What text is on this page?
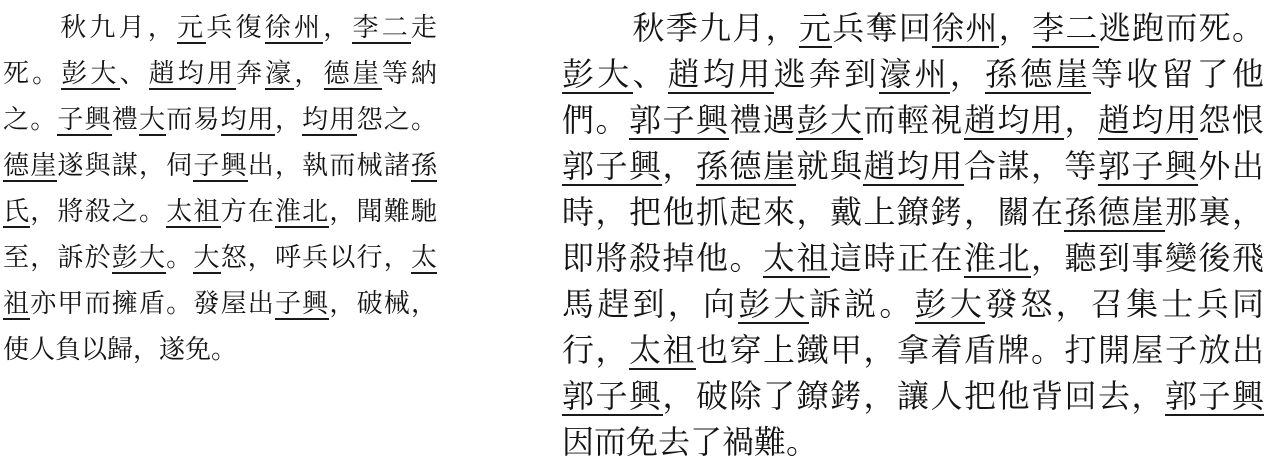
秋九月，元兵復徐州，李二走
死。彭大、趙均用奔濠，德崖等納
之。子興禮大而易均用，均用怨之。
德崖遂與謀，伺子興出，執而械諸孫
氏，將殺之。太祖方在淮北，聞難馳
至，訴於彭大。大怒，呼兵以行，太
祖亦甲而擁盾。發屋出子興，破械，
使人負以歸，遂免。
秋季九月，元兵奪回徐州，李二逃跑而死。
彭大、趙均用逃奔到濠州，孫德崖等收留了他
們。郭子興禮遇彭大而輕視趙均用，趙均用怨恨
郭子興，孫德崖就與趙均用合謀，等郭子興外出
時，把他抓起來，戴上鐐銬，關在孫德崖那裏，
即將殺掉他。太祖這時正在淮北，聽到事變後飛
馬趕到，向彭大訴説。彭大發怒，召集士兵同
行，太祖也穿上鐵甲，拿着盾牌。打開屋子放出
郭子興，破除了鐐銬，讓人把他背回去，郭子興
因而免去了禍難。
